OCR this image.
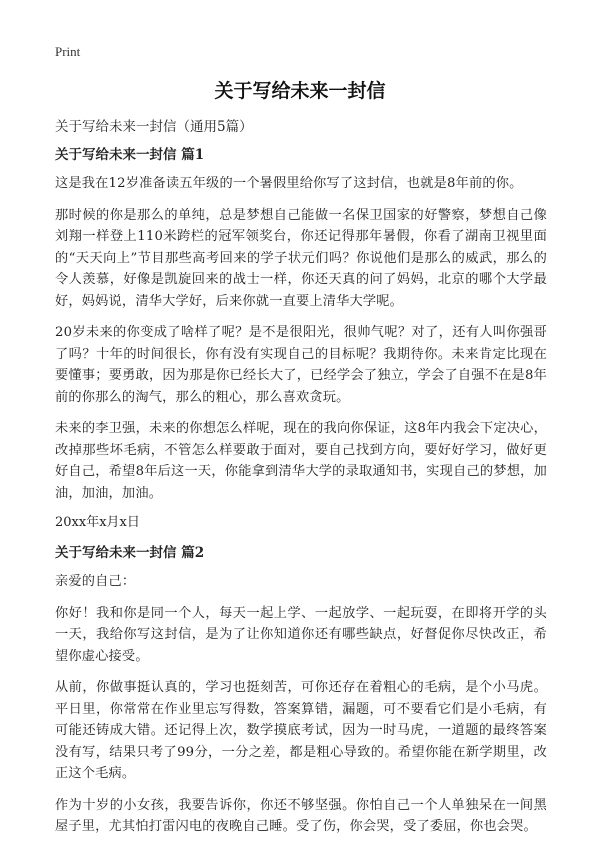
Print
关于写给未来一封信
关于写给未来一封信（通用5篇）
关于写给未来一封信 篇1

这是我在12岁准备读五年级的一个暑假里给你写了这封信，也就是8年前的你。

那时候的你是那么的单纯，总是梦想自己能做一名保卫国家的好警察，梦想自己像刘翔一样登上110米跨栏的冠军领奖台，你还记得那年暑假，你看了湖南卫视里面的“天天向上”节目那些高考回来的学子状元们吗？你说他们是那么的威武，那么的令人羡慕，好像是凯旋回来的战士一样，你还天真的问了妈妈，北京的哪个大学最好，妈妈说，清华大学好，后来你就一直要上清华大学呢。

20岁未来的你变成了啥样了呢？是不是很阳光，很帅气呢？对了，还有人叫你强哥了吗？十年的时间很长，你有没有实现自己的目标呢？我期待你。未来肯定比现在要懂事；要勇敢，因为那是你已经长大了，已经学会了独立，学会了自强不在是8年前的你那么的淘气，那么的粗心，那么喜欢贪玩。

未来的李卫强，未来的你想怎么样呢，现在的我向你保证，这8年内我会下定决心，改掉那些坏毛病，不管怎么样要敢于面对，要自己找到方向，要好好学习，做好更好自己，希望8年后这一天，你能拿到清华大学的录取通知书，实现自己的梦想，加油，加油，加油。

20xx年x月x日
关于写给未来一封信 篇2

亲爱的自己：

你好！我和你是同一个人，每天一起上学、一起放学、一起玩耍，在即将开学的头一天，我给你写这封信，是为了让你知道你还有哪些缺点，好督促你尽快改正，希望你虚心接受。

从前，你做事挺认真的，学习也挺刻苦，可你还存在着粗心的毛病，是个小马虎。平日里，你常常在作业里忘写得数，答案算错，漏题，可不要看它们是小毛病，有可能还铸成大错。还记得上次，数学摸底考试，因为一时马虎，一道题的最终答案没有写，结果只考了99分，一分之差，都是粗心导致的。希望你能在新学期里，改正这个毛病。

作为十岁的小女孩，我要告诉你，你还不够坚强。你怕自己一个人单独呆在一间黑屋子里，尤其怕打雷闪电的夜晚自己睡。受了伤，你会哭，受了委屈，你也会哭。
